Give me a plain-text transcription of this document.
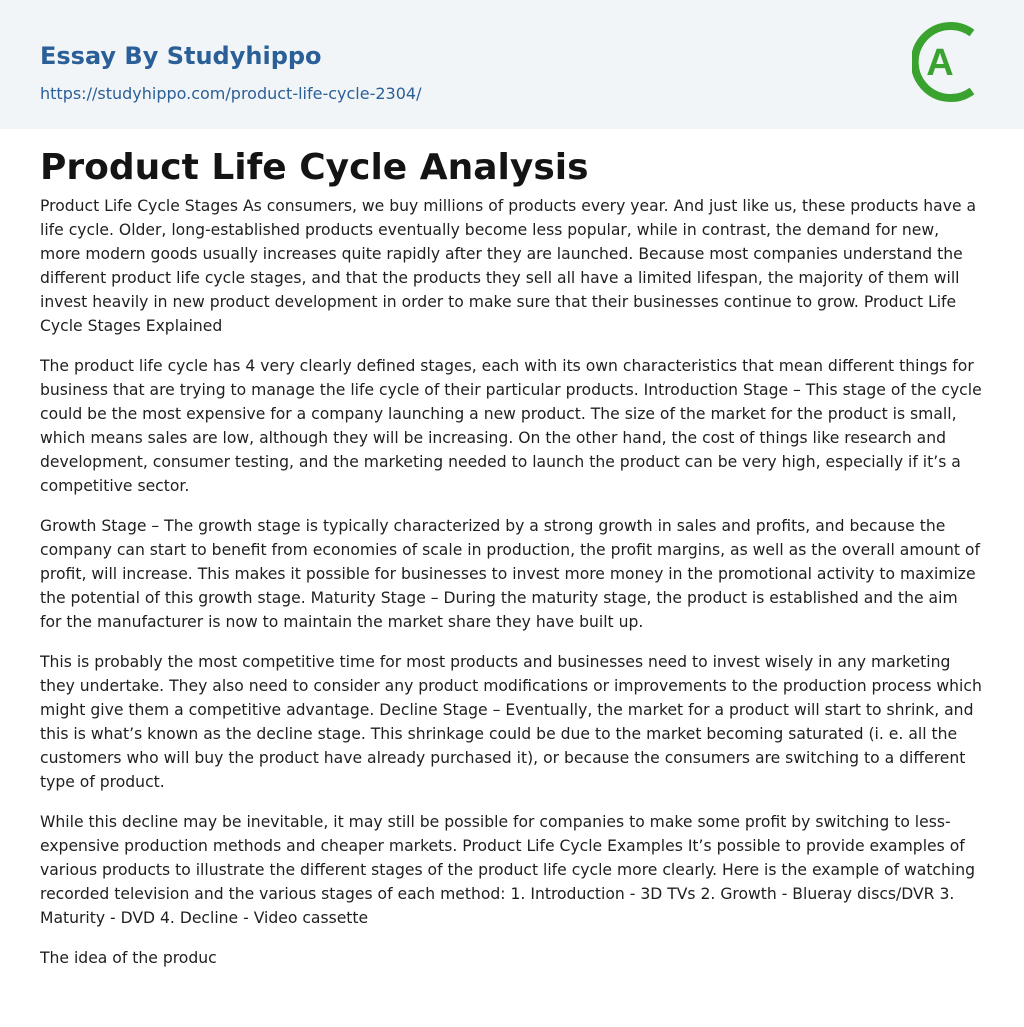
Essay By Studyhippo
https://studyhippo.com/product-life-cycle-2304/
A
Product Life Cycle Analysis

Product Life Cycle Stages As consumers, we buy millions of products every year. And just like us, these products have a life cycle. Older, long-established products eventually become less popular, while in contrast, the demand for new, more modern goods usually increases quite rapidly after they are launched. Because most companies understand the different product life cycle stages, and that the products they sell all have a limited lifespan, the majority of them will invest heavily in new product development in order to make sure that their businesses continue to grow. Product Life Cycle Stages Explained

The product life cycle has 4 very clearly defined stages, each with its own characteristics that mean different things for business that are trying to manage the life cycle of their particular products. Introduction Stage – This stage of the cycle could be the most expensive for a company launching a new product. The size of the market for the product is small, which means sales are low, although they will be increasing. On the other hand, the cost of things like research and development, consumer testing, and the marketing needed to launch the product can be very high, especially if it’s a competitive sector.

Growth Stage – The growth stage is typically characterized by a strong growth in sales and profits, and because the company can start to benefit from economies of scale in production, the profit margins, as well as the overall amount of profit, will increase. This makes it possible for businesses to invest more money in the promotional activity to maximize the potential of this growth stage. Maturity Stage – During the maturity stage, the product is established and the aim for the manufacturer is now to maintain the market share they have built up.

This is probably the most competitive time for most products and businesses need to invest wisely in any marketing they undertake. They also need to consider any product modifications or improvements to the production process which might give them a competitive advantage. Decline Stage – Eventually, the market for a product will start to shrink, and this is what’s known as the decline stage. This shrinkage could be due to the market becoming saturated (i. e. all the customers who will buy the product have already purchased it), or because the consumers are switching to a different type of product.

While this decline may be inevitable, it may still be possible for companies to make some profit by switching to less-expensive production methods and cheaper markets. Product Life Cycle Examples It’s possible to provide examples of various products to illustrate the different stages of the product life cycle more clearly. Here is the example of watching recorded television and the various stages of each method: 1. Introduction - 3D TVs 2. Growth - Blueray discs/DVR 3. Maturity - DVD 4. Decline - Video cassette

The idea of the produc
